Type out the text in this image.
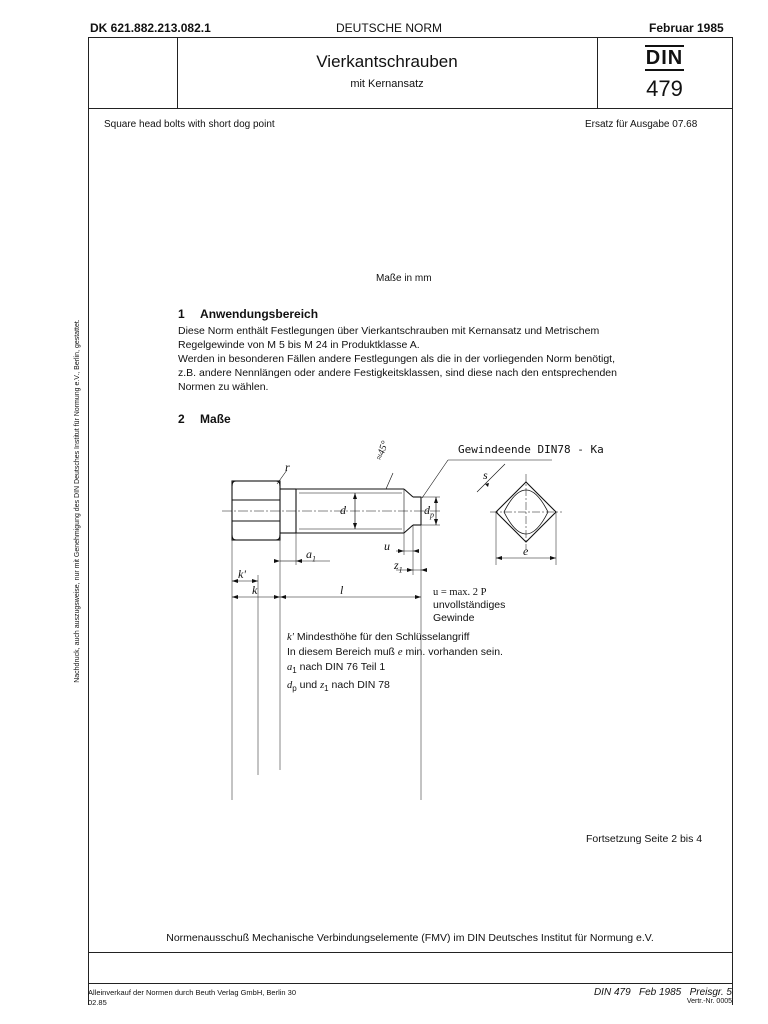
DK 621.882.213.082.1	DEUTSCHE NORM	Februar 1985
Vierkantschrauben
mit Kernansatz
DIN
479
Square head bolts with short dog point	Ersatz für Ausgabe 07.68
Maße in mm
1 Anwendungsbereich
Diese Norm enthält Festlegungen über Vierkantschrauben mit Kernansatz und Metrischem
Regelgewinde von M 5 bis M 24 in Produktklasse A.
Werden in besonderen Fällen andere Festlegungen als die in der vorliegenden Norm benötigt,
z.B. andere Nennlängen oder andere Festigkeitsklassen, sind diese nach den entsprechenden
Normen zu wählen.
2 Maße
Gewindeende DIN78 - Ka
≈45°
r
d	$d_p$
$a_1$
k'
k	l
u
$z_1$
s
e
u = max. 2 P
unvollständiges
Gewinde
k' Mindesthöhe für den Schlüsselangriff
In diesem Bereich muß e min. vorhanden sein.
$a_1$ nach DIN 76 Teil 1
$d_p$ und $z_1$ nach DIN 78
Fortsetzung Seite 2 bis 4
Normenausschuß Mechanische Verbindungselemente (FMV) im DIN Deutsches Institut für Normung e.V.
Nachdruck, auch auszugsweise, nur mit Genehmigung des DIN Deutsches Institut für Normung e.V., Berlin, gestattet.
Alleinverkauf der Normen durch Beuth Verlag GmbH, Berlin 30
02.85
DIN 479   Feb 1985   Preisgr. 5
Vertr.-Nr. 0005
